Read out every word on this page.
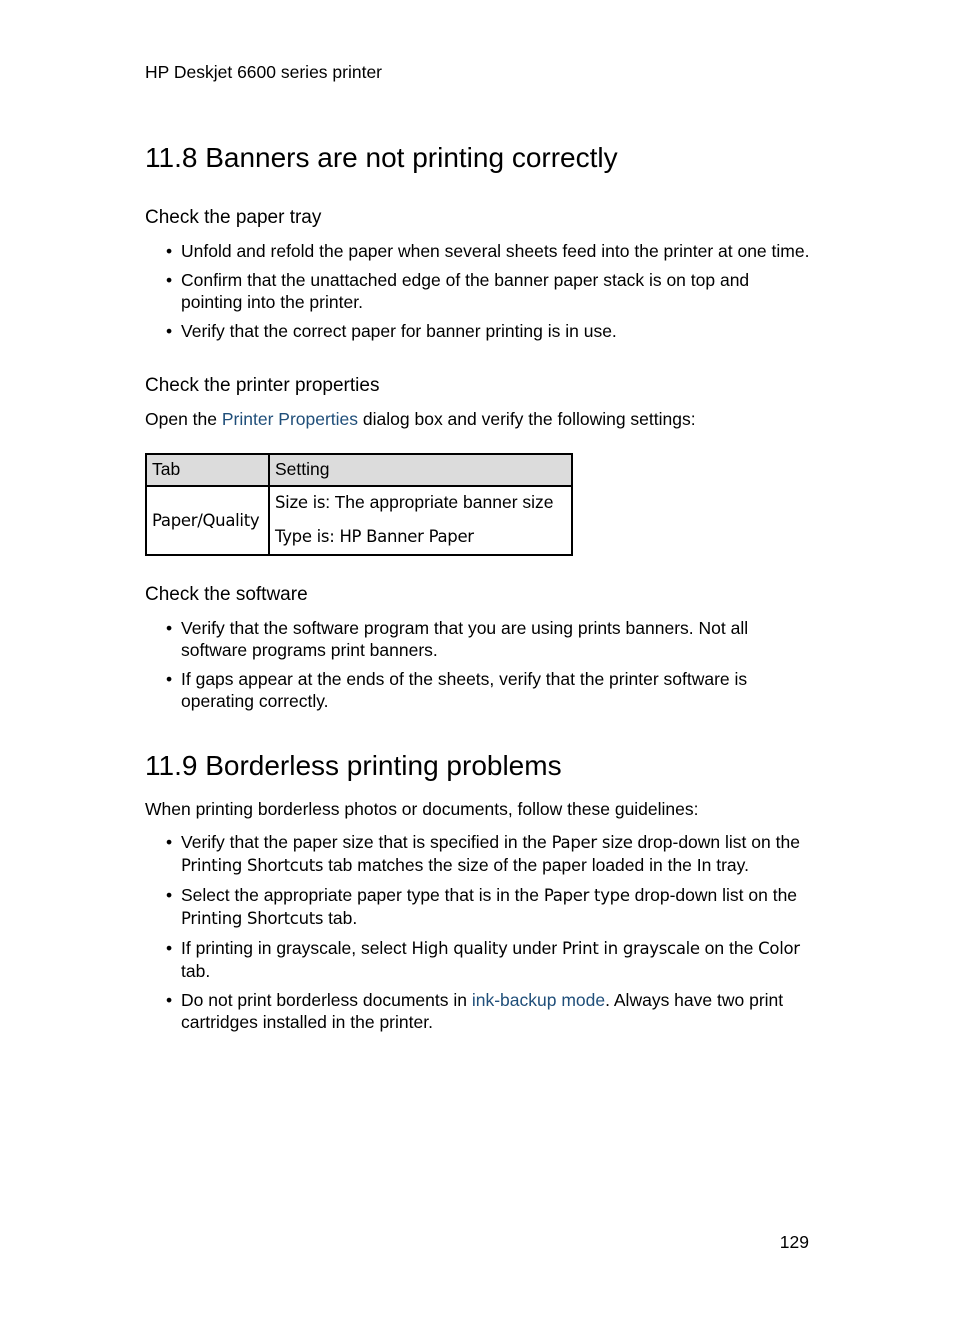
HP Deskjet 6600 series printer
11.8 Banners are not printing correctly
Check the paper tray
• Unfold and refold the paper when several sheets feed into the printer at one time.
• Confirm that the unattached edge of the banner paper stack is on top and pointing into the printer.
• Verify that the correct paper for banner printing is in use.
Check the printer properties

Open the Printer Properties dialog box and verify the following settings:

Tab	Setting
Paper/Quality	Size is: The appropriate banner size
Type is: HP Banner Paper
Check the software
• Verify that the software program that you are using prints banners. Not all software programs print banners.
• If gaps appear at the ends of the sheets, verify that the printer software is operating correctly.
11.9 Borderless printing problems

When printing borderless photos or documents, follow these guidelines:

• Verify that the paper size that is specified in the Paper size drop-down list on the Printing Shortcuts tab matches the size of the paper loaded in the In tray.
• Select the appropriate paper type that is in the Paper type drop-down list on the Printing Shortcuts tab.
• If printing in grayscale, select High quality under Print in grayscale on the Color tab.
• Do not print borderless documents in ink-backup mode. Always have two print cartridges installed in the printer.
129
